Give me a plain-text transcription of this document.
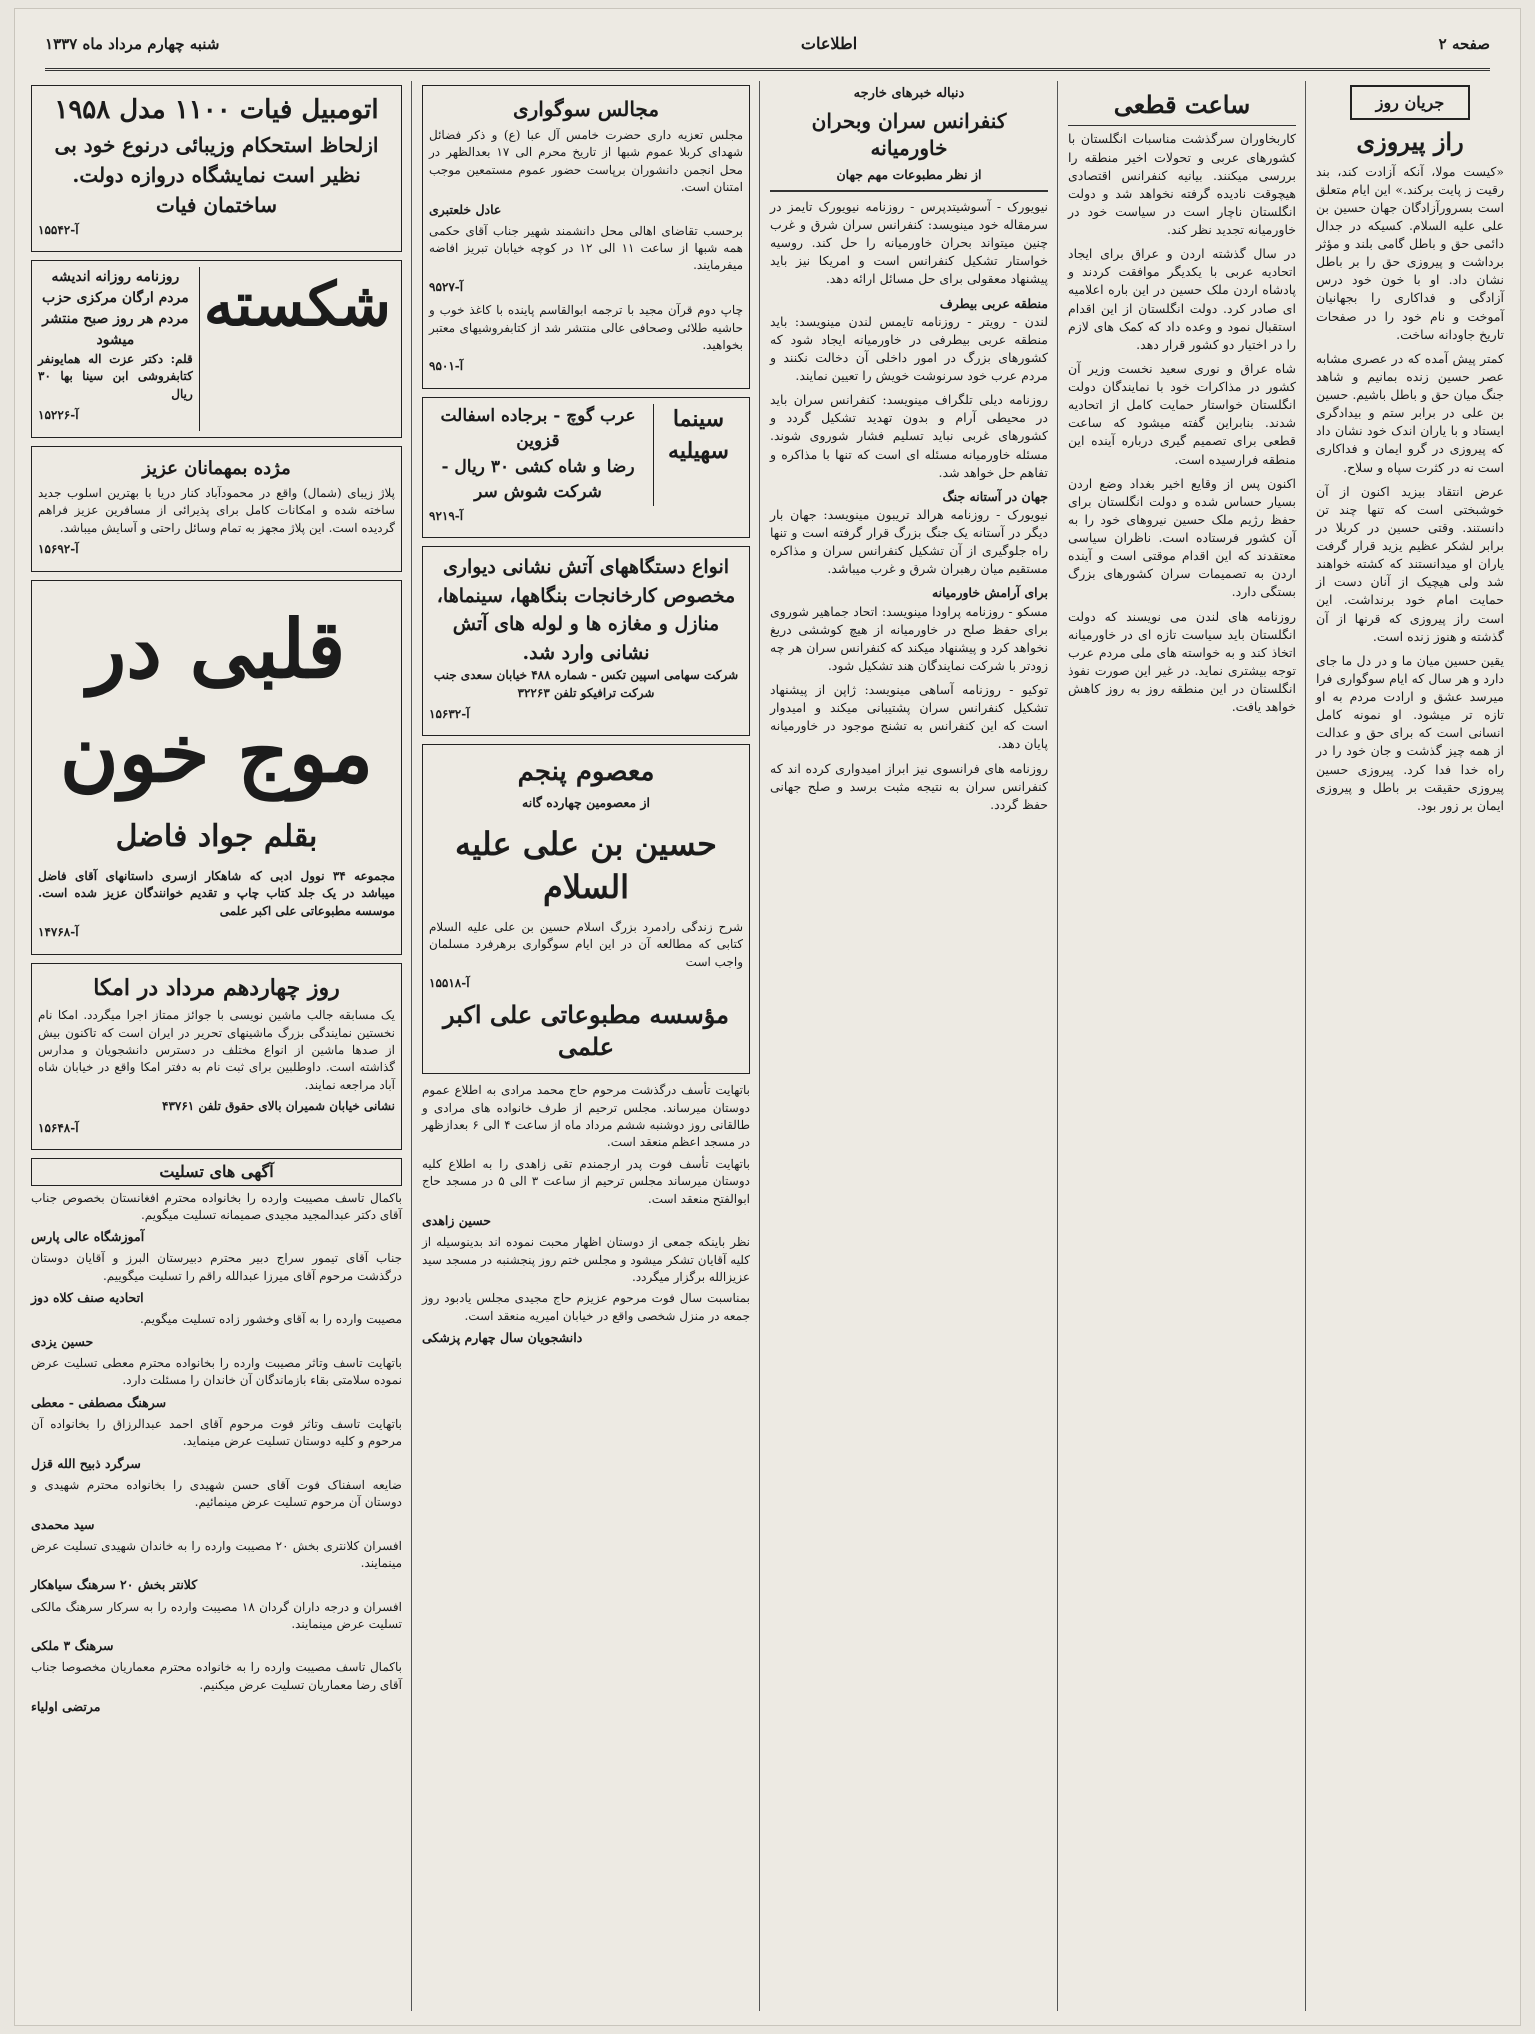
صفحه ۲
اطلاعات
شنبه چهارم مرداد ماه ۱۳۳۷
جریان روز
راز پیروزی

«کیست مولا، آنکه آزادت کند، بند رقیت ز پایت برکند.» این ایام متعلق است بسرورآزادگان جهان حسین بن علی علیه السلام. کسیکه در جدال دائمی حق و باطل گامی بلند و مؤثر برداشت و پیروزی حق را بر باطل نشان داد. او با خون خود درس آزادگی و فداکاری را بجهانیان آموخت و نام خود را در صفحات تاریخ جاودانه ساخت.

کمتر پیش آمده که در عصری مشابه عصر حسین زنده بمانیم و شاهد جنگ میان حق و باطل باشیم. حسین بن علی در برابر ستم و بیدادگری ایستاد و با یاران اندک خود نشان داد که پیروزی در گرو ایمان و فداکاری است نه در کثرت سپاه و سلاح.

عرض انتقاد بیزید اکنون از آن خوشبختی است که تنها چند تن دانستند. وقتی حسین در کربلا در برابر لشکر عظیم یزید قرار گرفت یاران او میدانستند که کشته خواهند شد ولی هیچیک از آنان دست از حمایت امام خود برنداشت. این است راز پیروزی که قرنها از آن گذشته و هنوز زنده است.

یقین حسین میان ما و در دل ما جای دارد و هر سال که ایام سوگواری فرا میرسد عشق و ارادت مردم به او تازه تر میشود. او نمونه کامل انسانی است که برای حق و عدالت از همه چیز گذشت و جان خود را در راه خدا فدا کرد. پیروزی حسین پیروزی حقیقت بر باطل و پیروزی ایمان بر زور بود.

ساعت قطعی

کاربخاوران سرگذشت مناسبات انگلستان با کشورهای عربی و تحولات اخیر منطقه را بررسی میکنند. بیانیه کنفرانس اقتصادی هیچوقت نادیده گرفته نخواهد شد و دولت انگلستان ناچار است در سیاست خود در خاورمیانه تجدید نظر کند.

در سال گذشته اردن و عراق برای ایجاد اتحادیه عربی با یکدیگر موافقت کردند و پادشاه اردن ملک حسین در این باره اعلامیه ای صادر کرد. دولت انگلستان از این اقدام استقبال نمود و وعده داد که کمک های لازم را در اختیار دو کشور قرار دهد.

شاه عراق و نوری سعید نخست وزیر آن کشور در مذاکرات خود با نمایندگان دولت انگلستان خواستار حمایت کامل از اتحادیه شدند. بنابراین گفته میشود که ساعت قطعی برای تصمیم گیری درباره آینده این منطقه فرارسیده است.

اکنون پس از وقایع اخیر بغداد وضع اردن بسیار حساس شده و دولت انگلستان برای حفظ رژیم ملک حسین نیروهای خود را به آن کشور فرستاده است. ناظران سیاسی معتقدند که این اقدام موقتی است و آینده اردن به تصمیمات سران کشورهای بزرگ بستگی دارد.

روزنامه های لندن می نویسند که دولت انگلستان باید سیاست تازه ای در خاورمیانه اتخاذ کند و به خواسته های ملی مردم عرب توجه بیشتری نماید. در غیر این صورت نفوذ انگلستان در این منطقه روز به روز کاهش خواهد یافت.

دنباله خبرهای خارجه
کنفرانس سران وبحران خاورمیانه
از نظر مطبوعات مهم جهان

نیویورک - آسوشیتدپرس - روزنامه نیویورک تایمز در سرمقاله خود مینویسد: کنفرانس سران شرق و غرب چنین میتواند بحران خاورمیانه را حل کند. روسیه خواستار تشکیل کنفرانس است و امریکا نیز باید پیشنهاد معقولی برای حل مسائل ارائه دهد.

منطقه عربی بیطرف

لندن - رویتر - روزنامه تایمس لندن مینویسد: باید منطقه عربی بیطرفی در خاورمیانه ایجاد شود که کشورهای بزرگ در امور داخلی آن دخالت نکنند و مردم عرب خود سرنوشت خویش را تعیین نمایند.

روزنامه دیلی تلگراف مینویسد: کنفرانس سران باید در محیطی آرام و بدون تهدید تشکیل گردد و کشورهای غربی نباید تسلیم فشار شوروی شوند. مسئله خاورمیانه مسئله ای است که تنها با مذاکره و تفاهم حل خواهد شد.

جهان در آستانه جنگ

نیویورک - روزنامه هرالد تریبون مینویسد: جهان بار دیگر در آستانه یک جنگ بزرگ قرار گرفته است و تنها راه جلوگیری از آن تشکیل کنفرانس سران و مذاکره مستقیم میان رهبران شرق و غرب میباشد.

برای آرامش خاورمیانه

مسکو - روزنامه پراودا مینویسد: اتحاد جماهیر شوروی برای حفظ صلح در خاورمیانه از هیچ کوششی دریغ نخواهد کرد و پیشنهاد میکند که کنفرانس سران هر چه زودتر با شرکت نمایندگان هند تشکیل شود.

توکیو - روزنامه آساهی مینویسد: ژاپن از پیشنهاد تشکیل کنفرانس سران پشتیبانی میکند و امیدوار است که این کنفرانس به تشنج موجود در خاورمیانه پایان دهد.

روزنامه های فرانسوی نیز ابراز امیدواری کرده اند که کنفرانس سران به نتیجه مثبت برسد و صلح جهانی حفظ گردد.

مجالس سوگواری

مجلس تعزیه داری حضرت خامس آل عبا (ع) و ذکر فضائل شهدای کربلا عموم شبها از تاریخ محرم الی ۱۷ بعدالظهر در محل انجمن دانشوران برپاست حضور عموم مستمعین موجب امتنان است.

عادل خلعتبری

برحسب تقاضای اهالی محل دانشمند شهیر جناب آقای حکمی همه شبها از ساعت ۱۱ الی ۱۲ در کوچه خیابان تبریز افاضه میفرمایند.

آ-۹۵۲۷

چاپ دوم قرآن مجید با ترجمه ابوالقاسم پاینده با کاغذ خوب و حاشیه طلائی وصحافی عالی منتشر شد از کتابفروشیهای معتبر بخواهید.

آ-۹۵۰۱
سینما سهیلیه
عرب گوچ - برجاده اسفالت قزوین
رضا و شاه کشی ۳۰ ریال - شرکت شوش سر
آ-۹۲۱۹
انواع دستگاههای آتش نشانی دیواری مخصوص کارخانجات بنگاهها، سینماها، منازل و مغازه ها و لوله های آتش نشانی وارد شد.

شرکت سهامی اسپین تکس - شماره ۴۸۸ خیابان سعدی جنب شرکت ترافیکو تلفن ۳۲۲۶۳

آ-۱۵۶۳۲
معصوم پنجم
از معصومین چهارده گانه
حسین بن علی علیه السلام

شرح زندگی رادمرد بزرگ اسلام حسین بن علی علیه السلام کتابی که مطالعه آن در این ایام سوگواری برهرفرد مسلمان واجب است

آ-۱۵۵۱۸
مؤسسه مطبوعاتی علی اکبر علمی

باتهایت تأسف درگذشت مرحوم حاج محمد مرادی به اطلاع عموم دوستان میرساند. مجلس ترحیم از طرف خانواده های مرادی و طالقانی روز دوشنبه ششم مرداد ماه از ساعت ۴ الی ۶ بعدازظهر در مسجد اعظم منعقد است.

باتهایت تأسف فوت پدر ارجمندم تقی زاهدی را به اطلاع کلیه دوستان میرساند مجلس ترحیم از ساعت ۳ الی ۵ در مسجد حاج ابوالفتح منعقد است.

حسین زاهدی

نظر باینکه جمعی از دوستان اظهار محبت نموده اند بدینوسیله از کلیه آقایان تشکر میشود و مجلس ختم روز پنجشنبه در مسجد سید عزیزالله برگزار میگردد.

بمناسبت سال فوت مرحوم عزیزم حاج مجیدی مجلس یادبود روز جمعه در منزل شخصی واقع در خیابان امیریه منعقد است.

دانشجویان سال چهارم پزشکی
اتومبیل فیات ۱۱۰۰ مدل ۱۹۵۸
ازلحاظ استحکام وزیبائی درنوع خود بی نظیر است نمایشگاه دروازه دولت. ساختمان فیات
آ-۱۵۵۴۲
شکسته
روزنامه روزانه اندیشه مردم ارگان مرکزی حزب مردم هر روز صبح منتشر میشود

قلم: دکتر عزت اله همایونفر کتابفروشی ابن سینا بها ۳۰ ریال

آ-۱۵۲۲۶
مژده بمهمانان عزیز

پلاژ زیبای (شمال) واقع در محمودآباد کنار دریا با بهترین اسلوب جدید ساخته شده و امکانات کامل برای پذیرائی از مسافرین عزیز فراهم گردیده است. این پلاژ مجهز به تمام وسائل راحتی و آسایش میباشد.

آ-۱۵۶۹۲
قلبی در موج خون
بقلم جواد فاضل

مجموعه ۳۴ نوول ادبی که شاهکار ازسری داستانهای آقای فاضل میباشد در یک جلد کتاب چاپ و تقدیم خوانندگان عزیز شده است. موسسه مطبوعاتی علی اکبر علمی

آ-۱۴۷۶۸
روز چهاردهم مرداد در امکا

یک مسابقه جالب ماشین نویسی با جوائز ممتاز اجرا میگردد. امکا نام نخستین نمایندگی بزرگ ماشینهای تحریر در ایران است که تاکنون بیش از صدها ماشین از انواع مختلف در دسترس دانشجویان و مدارس گذاشته است. داوطلبین برای ثبت نام به دفتر امکا واقع در خیابان شاه آباد مراجعه نمایند.

نشانی خیابان شمیران بالای حقوق تلفن ۴۳۷۶۱

آ-۱۵۶۴۸
آگهی های تسلیت

باکمال تاسف مصیبت وارده را بخانواده محترم افغانستان بخصوص جناب آقای دکتر عبدالمجید مجیدی صمیمانه تسلیت میگویم.

آموزشگاه عالی پارس

جناب آقای تیمور سراج دبیر محترم دبیرستان البرز و آقایان دوستان درگذشت مرحوم آقای میرزا عبدالله راقم را تسلیت میگوییم.

اتحادیه صنف کلاه دوز

مصیبت وارده را به آقای وخشور زاده تسلیت میگویم.

حسین یزدی

باتهایت تاسف وتاثر مصیبت وارده را بخانواده محترم معطی تسلیت عرض نموده سلامتی بقاء بازماندگان آن خاندان را مسئلت دارد.

سرهنگ مصطفی - معطی

باتهایت تاسف وتاثر فوت مرحوم آقای احمد عبدالرزاق را بخانواده آن مرحوم و کلیه دوستان تسلیت عرض مینماید.

سرگرد ذبیح الله قزل

ضایعه اسفناک فوت آقای حسن شهیدی را بخانواده محترم شهیدی و دوستان آن مرحوم تسلیت عرض مینمائیم.

سید محمدی

افسران کلانتری بخش ۲۰ مصیبت وارده را به خاندان شهیدی تسلیت عرض مینمایند.

کلانتر بخش ۲۰ سرهنگ سیاهکار

افسران و درجه داران گردان ۱۸ مصیبت وارده را به سرکار سرهنگ مالکی تسلیت عرض مینمایند.

سرهنگ ۳ ملکی

باکمال تاسف مصیبت وارده را به خانواده محترم معماریان مخصوصا جناب آقای رضا معماریان تسلیت عرض میکنیم.

مرتضی اولیاء
